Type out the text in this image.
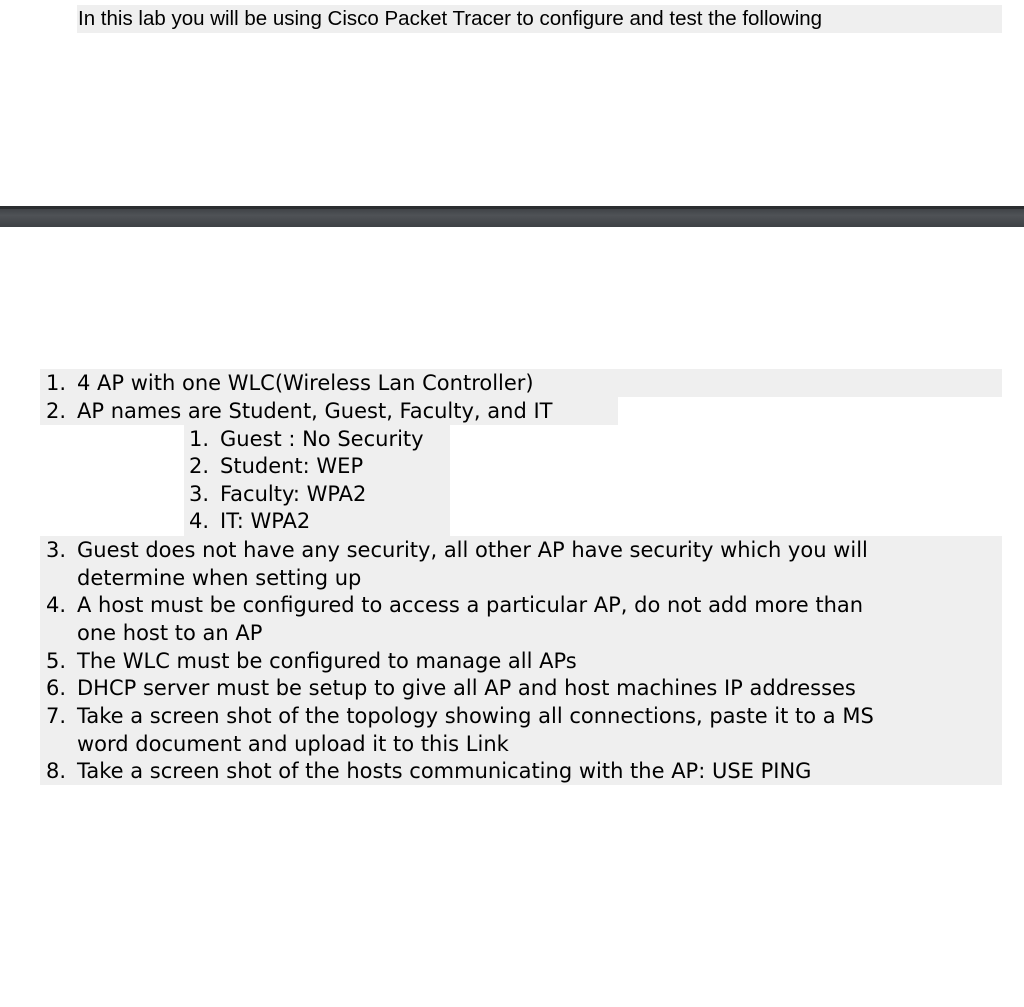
In this lab you will be using Cisco Packet Tracer to configure and test the following
1. 4 AP with one WLC(Wireless Lan Controller)
2. AP names are Student, Guest, Faculty, and IT
1. Guest : No Security
2. Student: WEP
3. Faculty: WPA2
4. IT: WPA2
3. Guest does not have any security, all other AP have security which you will
determine when setting up
4. A host must be configured to access a particular AP, do not add more than
one host to an AP
5. The WLC must be configured to manage all APs
6. DHCP server must be setup to give all AP and host machines IP addresses
7. Take a screen shot of the topology showing all connections, paste it to a MS
word document and upload it to this Link
8. Take a screen shot of the hosts communicating with the AP: USE PING
